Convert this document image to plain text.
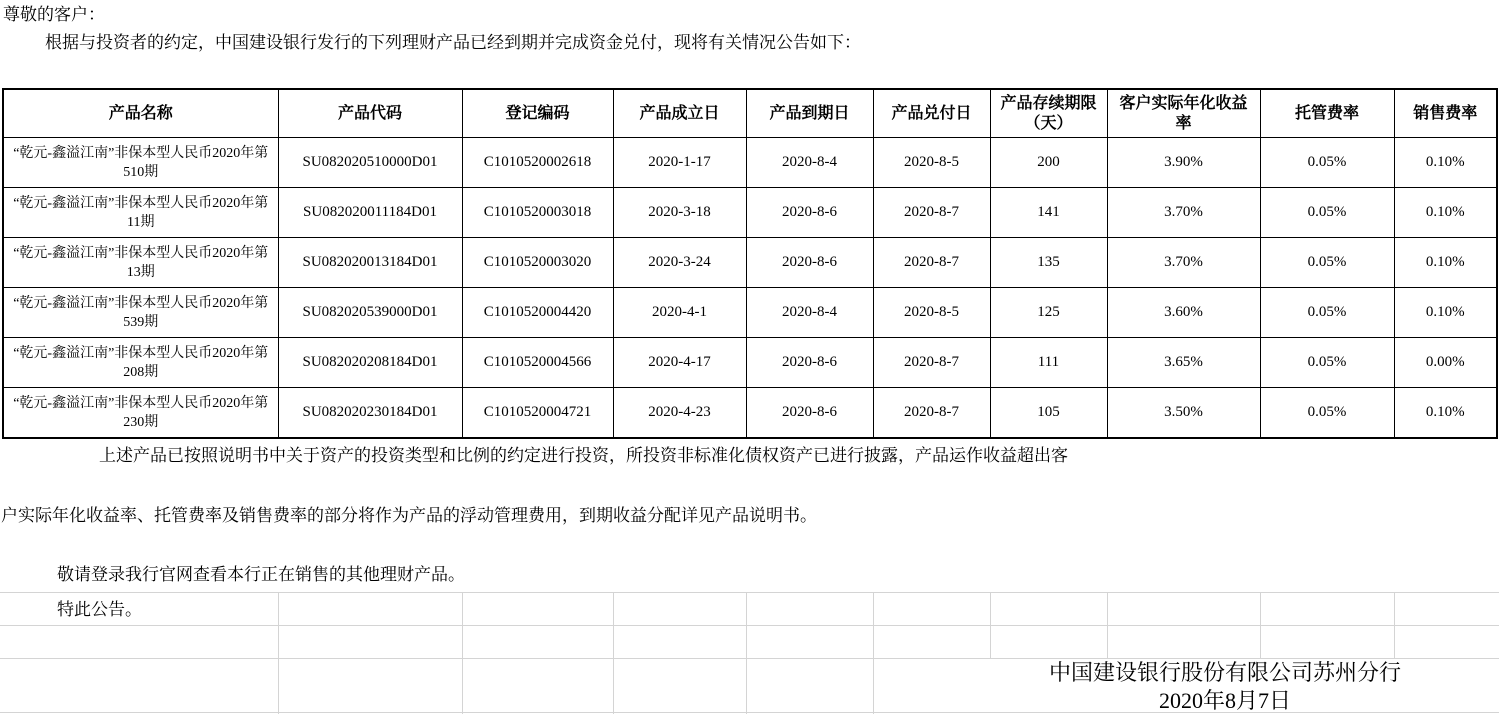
尊敬的客户：
根据与投资者的约定，中国建设银行发行的下列理财产品已经到期并完成资金兑付，现将有关情况公告如下：
产品名称	产品代码	登记编码	产品成立日	产品到期日	产品兑付日	产品存续期限（天）	客户实际年化收益率	托管费率	销售费率
“乾元-鑫溢江南”非保本型人民币2020年第510期	SU082020510000D01	C1010520002618	2020-1-17	2020-8-4	2020-8-5	200	3.90%	0.05%	0.10%
“乾元-鑫溢江南”非保本型人民币2020年第11期	SU082020011184D01	C1010520003018	2020-3-18	2020-8-6	2020-8-7	141	3.70%	0.05%	0.10%
“乾元-鑫溢江南”非保本型人民币2020年第13期	SU082020013184D01	C1010520003020	2020-3-24	2020-8-6	2020-8-7	135	3.70%	0.05%	0.10%
“乾元-鑫溢江南”非保本型人民币2020年第539期	SU082020539000D01	C1010520004420	2020-4-1	2020-8-4	2020-8-5	125	3.60%	0.05%	0.10%
“乾元-鑫溢江南”非保本型人民币2020年第208期	SU082020208184D01	C1010520004566	2020-4-17	2020-8-6	2020-8-7	111	3.65%	0.05%	0.00%
“乾元-鑫溢江南”非保本型人民币2020年第230期	SU082020230184D01	C1010520004721	2020-4-23	2020-8-6	2020-8-7	105	3.50%	0.05%	0.10%
上述产品已按照说明书中关于资产的投资类型和比例的约定进行投资，所投资非标准化债权资产已进行披露，产品运作收益超出客
户实际年化收益率、托管费率及销售费率的部分将作为产品的浮动管理费用，到期收益分配详见产品说明书。
敬请登录我行官网查看本行正在销售的其他理财产品。
特此公告。
中国建设银行股份有限公司苏州分行
2020年8月7日
